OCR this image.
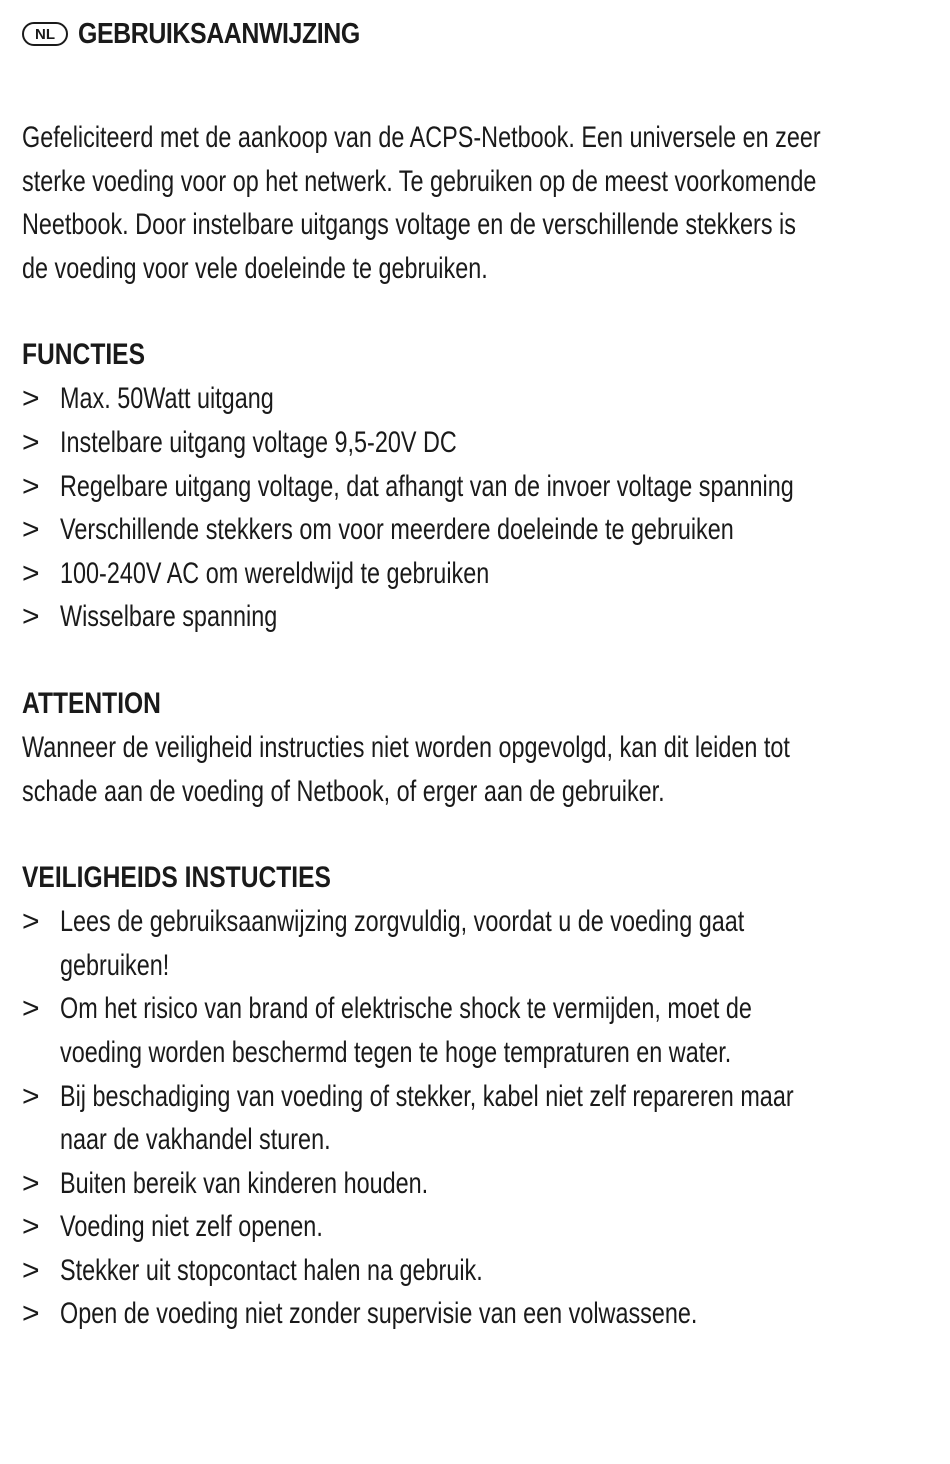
NL GEBRUIKSAANWIJZING
Gefeliciteerd met de aankoop van de ACPS-Netbook. Een universele en zeer
sterke voeding voor op het netwerk. Te gebruiken op de meest voorkomende
Neetbook. Door instelbare uitgangs voltage en de verschillende stekkers is
de voeding voor vele doeleinde te gebruiken.
FUNCTIES
> Max. 50Watt uitgang
> Instelbare uitgang voltage 9,5-20V DC
> Regelbare uitgang voltage, dat afhangt van de invoer voltage spanning
> Verschillende stekkers om voor meerdere doeleinde te gebruiken
> 100-240V AC om wereldwijd te gebruiken
> Wisselbare spanning
ATTENTION
Wanneer de veiligheid instructies niet worden opgevolgd, kan dit leiden tot
schade aan de voeding of Netbook, of erger aan de gebruiker.
VEILIGHEIDS INSTUCTIES
> Lees de gebruiksaanwijzing zorgvuldig, voordat u de voeding gaat
gebruiken!
> Om het risico van brand of elektrische shock te vermijden, moet de
voeding worden beschermd tegen te hoge tempraturen en water.
> Bij beschadiging van voeding of stekker, kabel niet zelf repareren maar
naar de vakhandel sturen.
> Buiten bereik van kinderen houden.
> Voeding niet zelf openen.
> Stekker uit stopcontact halen na gebruik.
> Open de voeding niet zonder supervisie van een volwassene.
